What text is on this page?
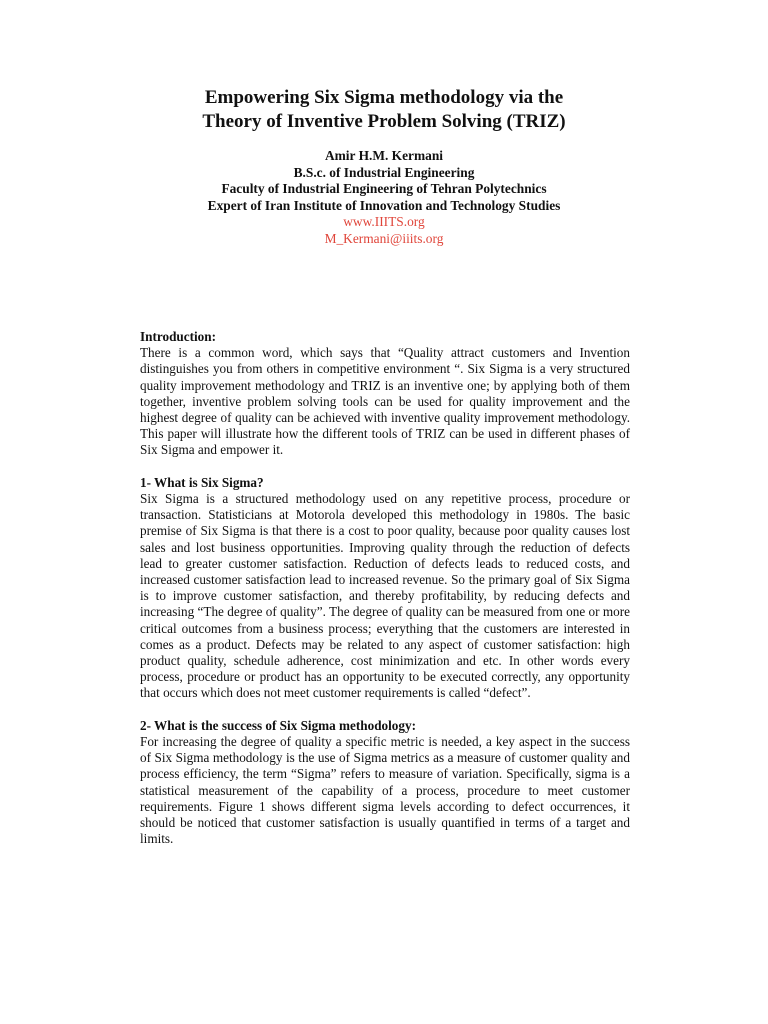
Empowering Six Sigma methodology via the
Theory of Inventive Problem Solving (TRIZ)
Amir H.M. Kermani
B.S.c. of Industrial Engineering
Faculty of Industrial Engineering of Tehran Polytechnics
Expert of Iran Institute of Innovation and Technology Studies
www.IIITS.org
M_Kermani@iiits.org
Introduction:

There is a common word, which says that “Quality attract customers and Invention distinguishes you from others in competitive environment “. Six Sigma is a very structured quality improvement methodology and TRIZ is an inventive one; by applying both of them together, inventive problem solving tools can be used for quality improvement and the highest degree of quality can be achieved with inventive quality improvement methodology. This paper will illustrate how the different tools of TRIZ can be used in different phases of Six Sigma and empower it.

1- What is Six Sigma?

Six Sigma is a structured methodology used on any repetitive process, procedure or transaction. Statisticians at Motorola developed this methodology in 1980s. The basic premise of Six Sigma is that there is a cost to poor quality, because poor quality causes lost sales and lost business opportunities. Improving quality through the reduction of defects lead to greater customer satisfaction. Reduction of defects leads to reduced costs, and increased customer satisfaction lead to increased revenue. So the primary goal of Six Sigma is to improve customer satisfaction, and thereby profitability, by reducing defects and increasing “The degree of quality”. The degree of quality can be measured from one or more critical outcomes from a business process; everything that the customers are interested in comes as a product. Defects may be related to any aspect of customer satisfaction: high product quality, schedule adherence, cost minimization and etc. In other words every process, procedure or product has an opportunity to be executed correctly, any opportunity that occurs which does not meet customer requirements is called “defect”.

2- What is the success of Six Sigma methodology:

For increasing the degree of quality a specific metric is needed, a key aspect in the success of Six Sigma methodology is the use of Sigma metrics as a measure of customer quality and process efficiency, the term “Sigma” refers to measure of variation. Specifically, sigma is a statistical measurement of the capability of a process, procedure to meet customer requirements. Figure 1 shows different sigma levels according to defect occurrences, it should be noticed that customer satisfaction is usually quantified in terms of a target and limits.
